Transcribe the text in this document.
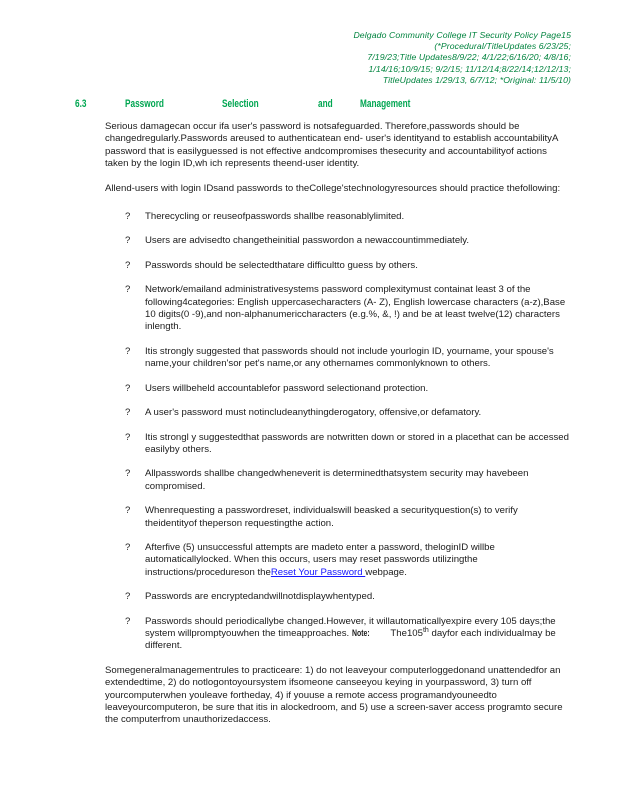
Delgado Community College IT Security Policy Page15
(*Procedural/TitleUpdates 6/23/25;
7/19/23;Title Updates8/9/22; 4/1/22;6/16/20; 4/8/16;
1/14/16;10/9/15; 9/2/15; 11/12/14;8/22/14;12/12/13;
TitleUpdates 1/29/13, 6/7/12; *Original: 11/5/10)
6.3	Password	Selection	and Management

Serious damagecan occur ifa user's password is notsafeguarded. Therefore,passwords should be changedregularly.Passwords areused to authenticatean end- user's identityand to establish accountabilityA password that is easilyguessed is not effective andcompromises thesecurity and accountabilityof actions taken by the login ID,wh ich represents theend-user identity.

Allend-users with login IDsand passwords to theCollege'stechnologyresources should practice thefollowing:

?	Therecycling or reuseofpasswords shallbe reasonablylimited.
?	Users are advisedto changetheinitial passwordon a newaccountimmediately.
?	Passwords should be selectedthatare difficultto guess by others.
?	Network/emailand administrativesystems password complexitymust containat least 3 of the following4categories: English uppercasecharacters (A- Z), English lowercase characters (a-z),Base 10 digits(0 -9),and non-alphanumericcharacters (e.g.%, &, !) and be at least twelve(12) characters inlength.
?	Itis strongly suggested that passwords should not include yourlogin ID, yourname, your spouse's name,your children'sor pet's name,or any othernames commonlyknown to others.
?	Users willbeheld accountablefor password selectionand protection.
?	A user's password must notincludeanythingderogatory, offensive,or defamatory.
?	Itis strongl y suggestedthat passwords are notwritten down or stored in a placethat can be accessed easilyby others.
?	Allpasswords shallbe changedwheneverit is determinedthatsystem security may havebeen compromised.
?	Whenrequesting a passwordreset, individualswill beasked a securityquestion(s) to verify theidentityof theperson requestingthe action.
?	Afterfive (5) unsuccessful attempts are madeto enter a password, theloginID willbe automaticallylocked. When this occurs, users may reset passwords utilizingthe instructions/procedureson theReset Your Password webpage.
?	Passwords are encryptedandwillnotdisplaywhentyped.
?	Passwords should periodicallybe changed.However, it willautomaticallyexpire every 105 days;the system willpromptyouwhen the timeapproaches. Note: The105th dayfor each individualmay be different.

Somegeneralmanagementrules to practiceare: 1) do not leaveyour computerloggedonand unattendedfor an extendedtime, 2) do notlogontoyoursystem ifsomeone canseeyou keying in yourpassword, 3) turn off yourcomputerwhen youleave fortheday, 4) if youuse a remote access programandyouneedto leaveyourcomputeron, be sure that itis in alockedroom, and 5) use a screen-saver access programto secure the computerfrom unauthorizedaccess.
